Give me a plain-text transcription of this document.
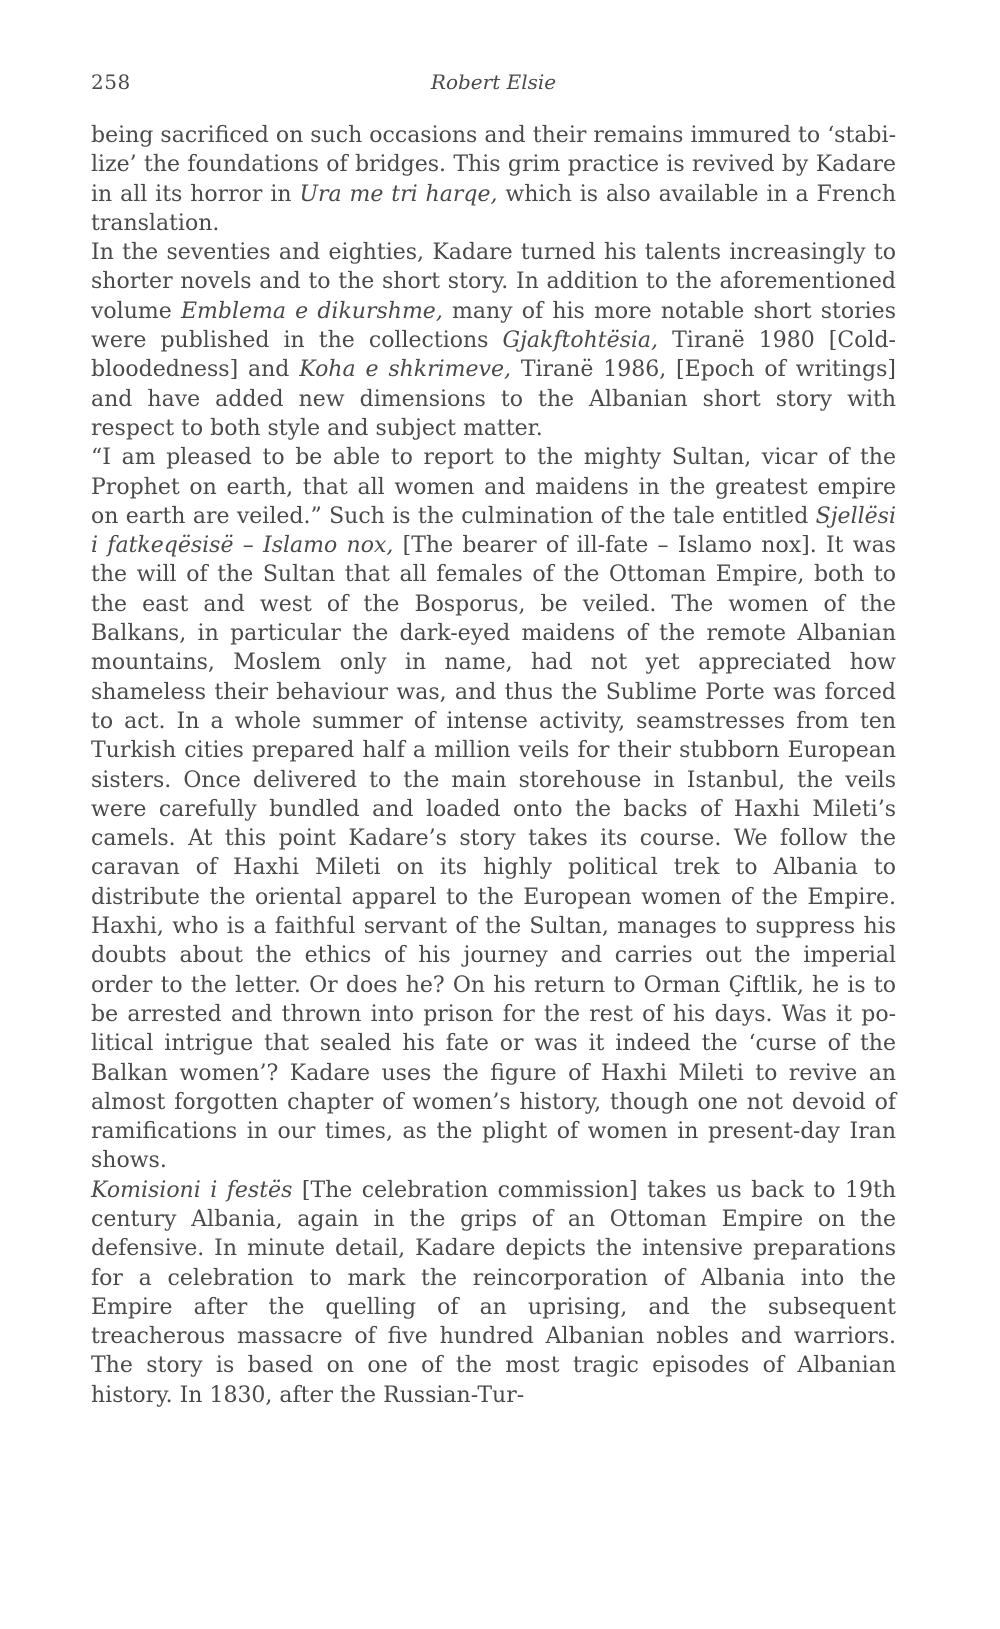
258	Robert Elsie

being sacrificed on such occasions and their remains immured to ‘stabilize’ the foundations of bridges. This grim practice is revived by Kadare in all its horror in Ura me tri harqe, which is also available in a French translation.

In the seventies and eighties, Kadare turned his talents increasingly to shorter novels and to the short story. In addition to the aforementioned volume Emblema e dikurshme, many of his more notable short stories were published in the collections Gjakftohtësia, Tiranë 1980 [Cold-bloodedness] and Koha e shkrimeve, Tiranë 1986, [Epoch of writings] and have added new dimensions to the Albanian short story with respect to both style and subject matter.

“I am pleased to be able to report to the mighty Sultan, vicar of the Prophet on earth, that all women and maidens in the greatest empire on earth are veiled.” Such is the culmination of the tale entitled Sjellësi i fatkeqësisë – Islamo nox, [The bearer of ill-fate – Islamo nox]. It was the will of the Sultan that all females of the Ottoman Empire, both to the east and west of the Bosporus, be veiled. The women of the Balkans, in particular the dark-eyed maidens of the remote Albanian mountains, Moslem only in name, had not yet appreciated how shameless their behaviour was, and thus the Sublime Porte was forced to act. In a whole summer of intense activity, seamstresses from ten Turkish cities prepared half a million veils for their stubborn European sisters. Once delivered to the main storehouse in Istanbul, the veils were carefully bundled and loaded onto the backs of Haxhi Mileti’s camels. At this point Kadare’s story takes its course. We follow the caravan of Haxhi Mileti on its highly political trek to Albania to distribute the oriental apparel to the European women of the Empire. Haxhi, who is a faithful servant of the Sultan, manages to suppress his doubts about the ethics of his journey and carries out the imperial order to the letter. Or does he? On his return to Orman Çiftlik, he is to be arrested and thrown into prison for the rest of his days. Was it political intrigue that sealed his fate or was it indeed the ‘curse of the Balkan women’? Kadare uses the figure of Haxhi Mileti to revive an almost forgotten chapter of women’s history, though one not devoid of ramifications in our times, as the plight of women in present-day Iran shows.

Komisioni i festës [The celebration commission] takes us back to 19th century Albania, again in the grips of an Ottoman Empire on the defensive. In minute detail, Kadare depicts the intensive preparations for a celebration to mark the reincorporation of Albania into the Empire after the quelling of an uprising, and the subsequent treacherous massacre of five hundred Albanian nobles and warriors. The story is based on one of the most tragic episodes of Albanian history. In 1830, after the Russian-Tur-
